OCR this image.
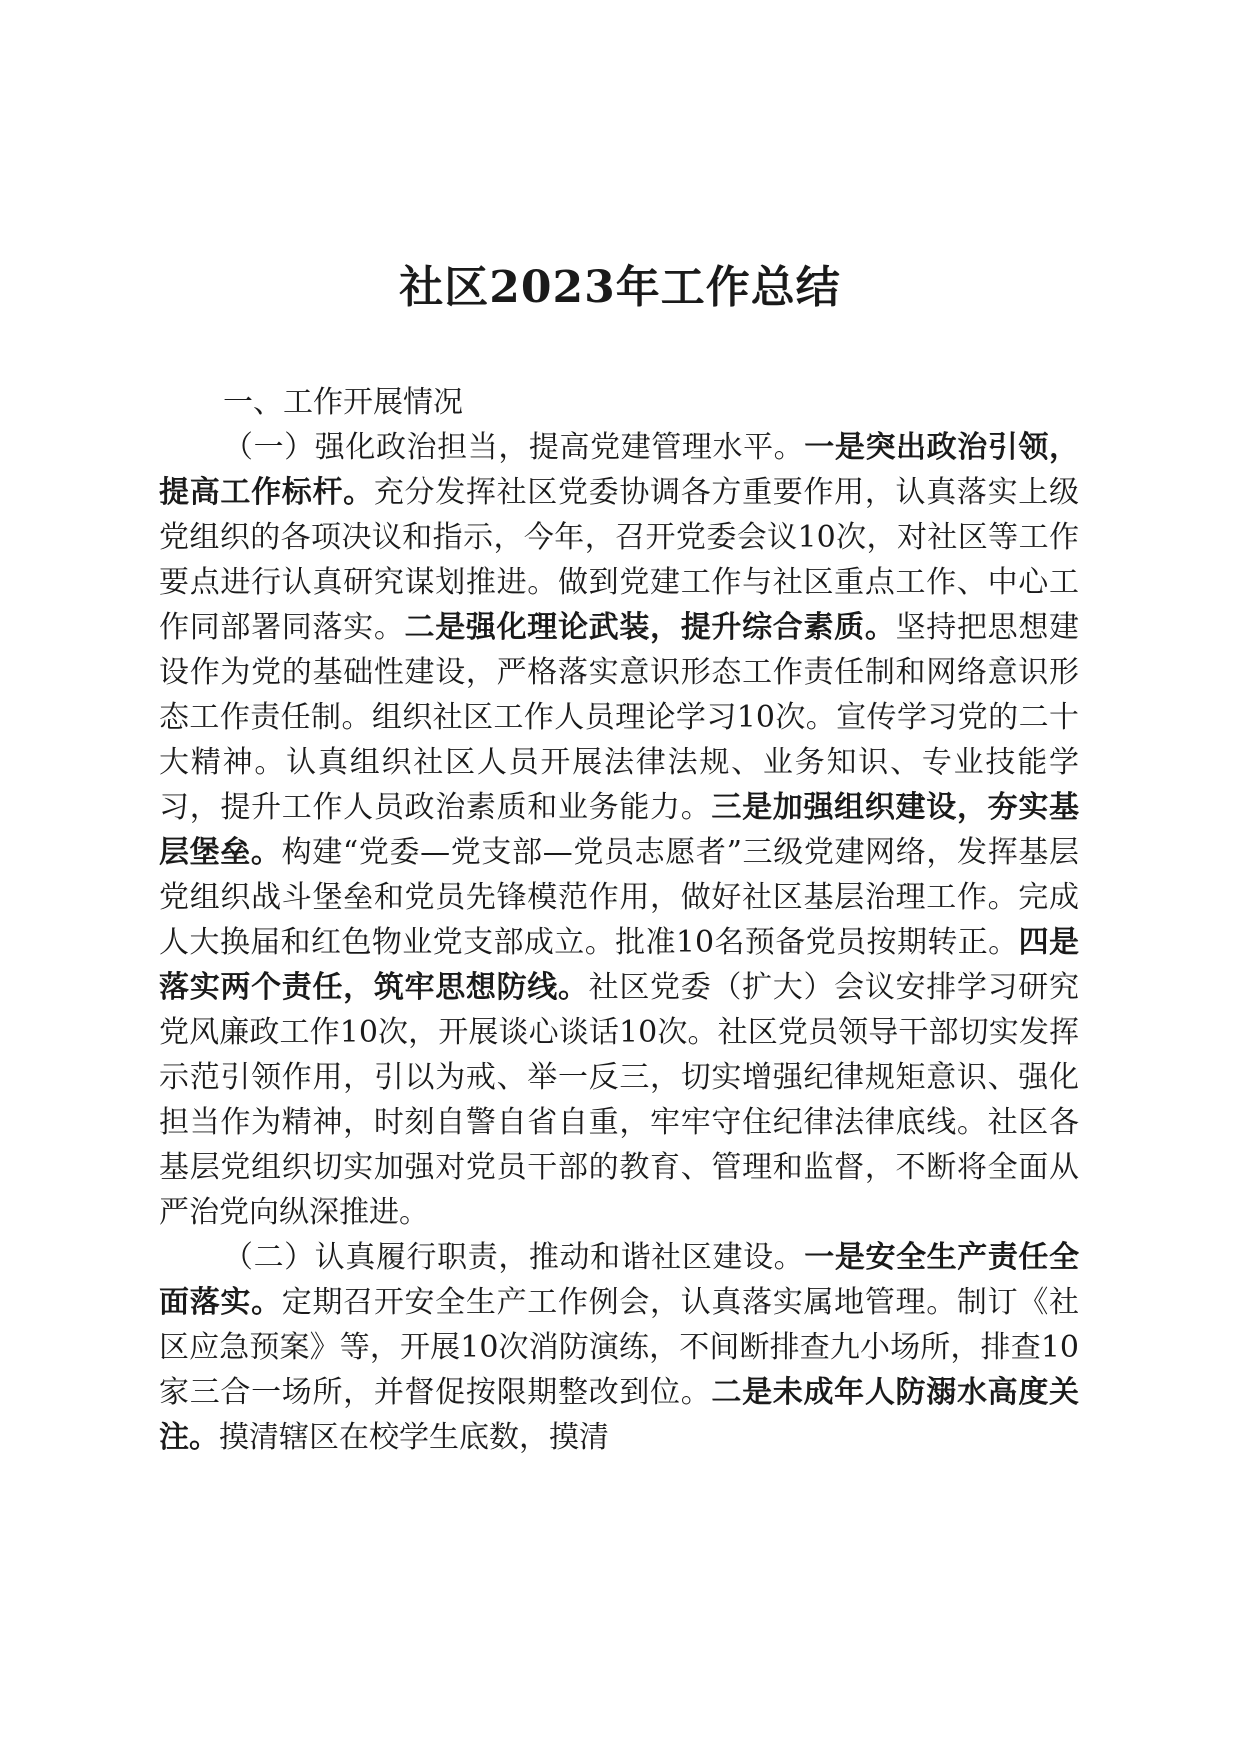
社区2023年工作总结

一、工作开展情况

（一）强化政治担当，提高党建管理水平。一是突出政治引领，提高工作标杆。充分发挥社区党委协调各方重要作用，认真落实上级党组织的各项决议和指示，今年，召开党委会议10次，对社区等工作要点进行认真研究谋划推进。做到党建工作与社区重点工作、中心工作同部署同落实。二是强化理论武装，提升综合素质。坚持把思想建设作为党的基础性建设，严格落实意识形态工作责任制和网络意识形态工作责任制。组织社区工作人员理论学习10次。宣传学习党的二十大精神。认真组织社区人员开展法律法规、业务知识、专业技能学习，提升工作人员政治素质和业务能力。三是加强组织建设，夯实基层堡垒。构建“党委—党支部—党员志愿者”三级党建网络，发挥基层党组织战斗堡垒和党员先锋模范作用，做好社区基层治理工作。完成人大换届和红色物业党支部成立。批准10名预备党员按期转正。四是落实两个责任，筑牢思想防线。社区党委（扩大）会议安排学习研究党风廉政工作10次，开展谈心谈话10次。社区党员领导干部切实发挥示范引领作用，引以为戒、举一反三，切实增强纪律规矩意识、强化担当作为精神，时刻自警自省自重，牢牢守住纪律法律底线。社区各基层党组织切实加强对党员干部的教育、管理和监督，不断将全面从严治党向纵深推进。

（二）认真履行职责，推动和谐社区建设。一是安全生产责任全面落实。定期召开安全生产工作例会，认真落实属地管理。制订《社区应急预案》等，开展10次消防演练，不间断排查九小场所，排查10家三合一场所，并督促按限期整改到位。二是未成年人防溺水高度关注。摸清辖区在校学生底数，摸清
